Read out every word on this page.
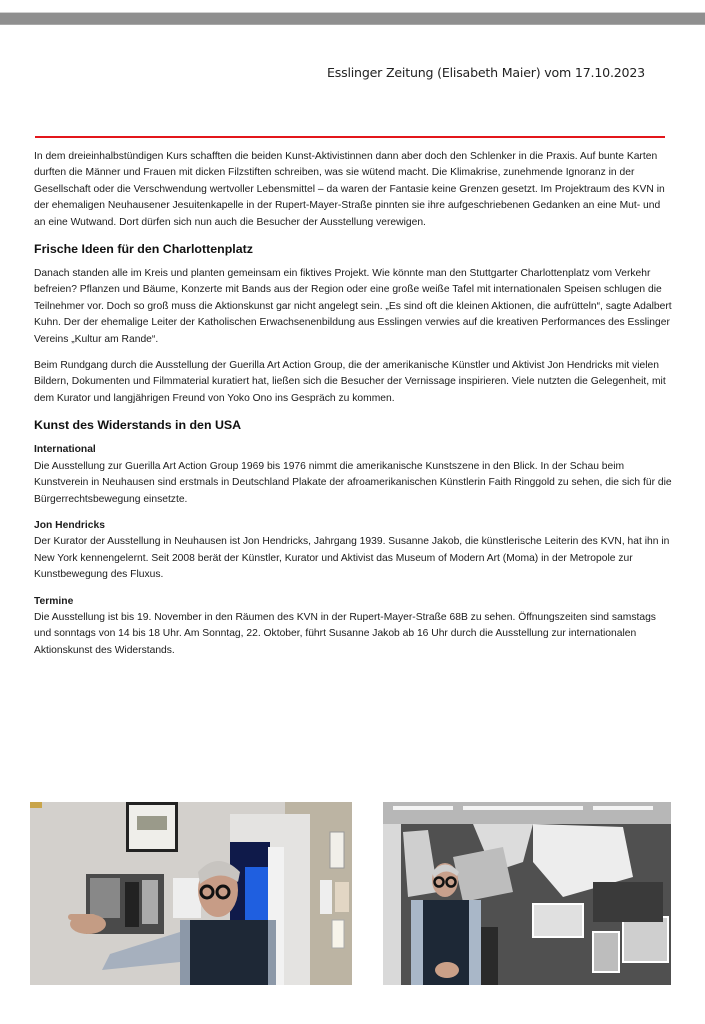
Esslinger Zeitung (Elisabeth Maier) vom 17.10.2023

In dem dreieinhalbstündigen Kurs schafften die beiden Kunst-Aktivistinnen dann aber doch den Schlenker in die Praxis. Auf bunte Karten durften die Männer und Frauen mit dicken Filzstiften schreiben, was sie wütend macht. Die Klimakrise, zunehmende Ignoranz in der Gesellschaft oder die Verschwendung wertvoller Lebensmittel – da waren der Fantasie keine Grenzen gesetzt. Im Projektraum des KVN in der ehemaligen Neuhausener Jesuitenkapelle in der Rupert-Mayer-Straße pinnten sie ihre aufgeschriebenen Gedanken an eine Mut- und an eine Wutwand. Dort dürfen sich nun auch die Besucher der Ausstellung verewigen.

Frische Ideen für den Charlottenplatz

Danach standen alle im Kreis und planten gemeinsam ein fiktives Projekt. Wie könnte man den Stuttgarter Charlottenplatz vom Verkehr befreien? Pflanzen und Bäume, Konzerte mit Bands aus der Region oder eine große weiße Tafel mit internationalen Speisen schlugen die Teilnehmer vor. Doch so groß muss die Aktionskunst gar nicht angelegt sein. „Es sind oft die kleinen Aktionen, die aufrütteln“, sagte Adalbert Kuhn. Der der ehemalige Leiter der Katholischen Erwachsenenbildung aus Esslingen verwies auf die kreativen Performances des Esslinger Vereins „Kultur am Rande“.

Beim Rundgang durch die Ausstellung der Guerilla Art Action Group, die der amerikanische Künstler und Aktivist Jon Hendricks mit vielen Bildern, Dokumenten und Filmmaterial kuratiert hat, ließen sich die Besucher der Vernissage inspirieren. Viele nutzten die Gelegenheit, mit dem Kurator und langjährigen Freund von Yoko Ono ins Gespräch zu kommen.

Kunst des Widerstands in den USA
International
Die Ausstellung zur Guerilla Art Action Group 1969 bis 1976 nimmt die amerikanische Kunstszene in den Blick. In der Schau beim Kunstverein in Neuhausen sind erstmals in Deutschland Plakate der afroamerikanischen Künstlerin Faith Ringgold zu sehen, die sich für die Bürgerrechtsbewegung einsetzte.
Jon Hendricks
Der Kurator der Ausstellung in Neuhausen ist Jon Hendricks, Jahrgang 1939. Susanne Jakob, die künstlerische Leiterin des KVN, hat ihn in New York kennengelernt. Seit 2008 berät der Künstler, Kurator und Aktivist das Museum of Modern Art (Moma) in der Metropole zur Kunstbewegung des Fluxus.
Termine
Die Ausstellung ist bis 19. November in den Räumen des KVN in der Rupert-Mayer-Straße 68B zu sehen. Öffnungszeiten sind samstags und sonntags von 14 bis 18 Uhr. Am Sonntag, 22. Oktober, führt Susanne Jakob ab 16 Uhr durch die Ausstellung zur internationalen Aktionskunst des Widerstands.
